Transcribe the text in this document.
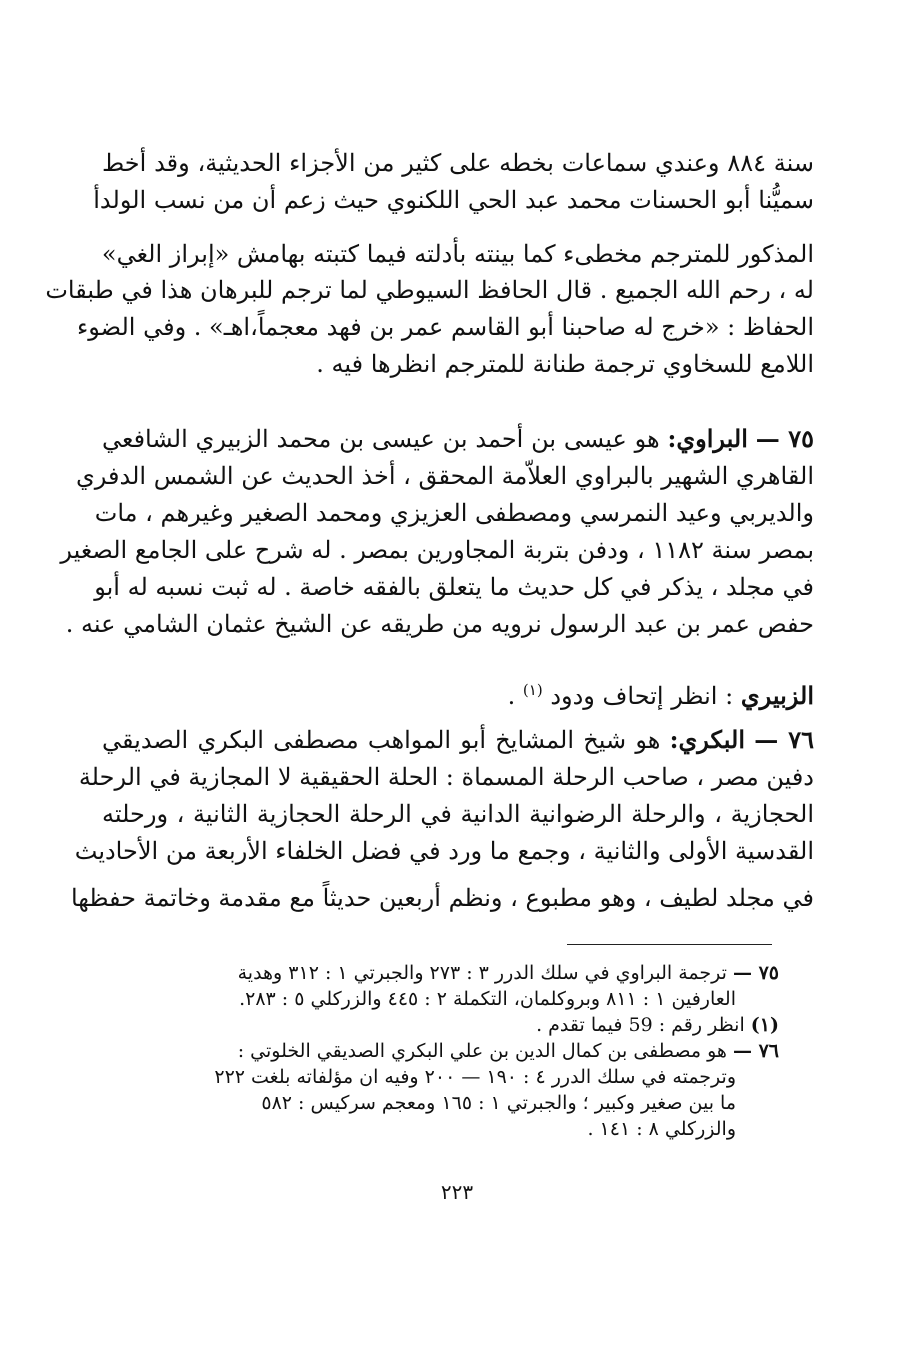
سنة ٨٨٤ وعندي سماعات بخطه على كثير من الأجزاء الحديثية، وقد أخط
سميُّنا أبو الحسنات محمد عبد الحي اللكنوي حيث زعم أن من نسب الولدأ
المذكور للمترجم مخطىء كما بينته بأدلته فيما كتبته بهامش «إبراز الغي»
له ، رحم الله الجميع . قال الحافظ السيوطي لما ترجم للبرهان هذا في طبقات
الحفاظ : «خرج له صاحبنا أبو القاسم عمر بن فهد معجماً،اهـ» . وفي الضوء
اللامع للسخاوي ترجمة طنانة للمترجم انظرها فيه .
٧٥ — البراوي: هو عيسى بن أحمد بن عيسى بن محمد الزبيري الشافعي
القاهري الشهير بالبراوي العلاّمة المحقق ، أخذ الحديث عن الشمس الدفري
والديربي وعيد النمرسي ومصطفى العزيزي ومحمد الصغير وغيرهم ، مات
بمصر سنة ١١٨٢ ، ودفن بتربة المجاورين بمصر . له شرح على الجامع الصغير
في مجلد ، يذكر في كل حديث ما يتعلق بالفقه خاصة . له ثبت نسبه له أبو
حفص عمر بن عبد الرسول نرويه من طريقه عن الشيخ عثمان الشامي عنه .
الزبيري : انظر إتحاف ودود $^{(١)}$ .
٧٦ — البكري: هو شيخ المشايخ أبو المواهب مصطفى البكري الصديقي
دفين مصر ، صاحب الرحلة المسماة : الحلة الحقيقية لا المجازية في الرحلة
الحجازية ، والرحلة الرضوانية الدانية في الرحلة الحجازية الثانية ، ورحلته
القدسية الأولى والثانية ، وجمع ما ورد في فضل الخلفاء الأربعة من الأحاديث
في مجلد لطيف ، وهو مطبوع ، ونظم أربعين حديثاً مع مقدمة وخاتمة حفظها
٧٥ — ترجمة البراوي في سلك الدرر ٣ : ٢٧٣ والجبرتي ١ : ٣١٢ وهدية
العارفين ١ : ٨١١ وبروكلمان، التكملة ٢ : ٤٤٥ والزركلي ٥ : ٢٨٣.
(١) انظر رقم : 59 فيما تقدم .
٧٦ — هو مصطفى بن كمال الدين بن علي البكري الصديقي الخلوتي :
وترجمته في سلك الدرر ٤ : ١٩٠ — ٢٠٠ وفيه ان مؤلفاته بلغت ٢٢٢
ما بين صغير وكبير ؛ والجبرتي ١ : ١٦٥ ومعجم سركيس : ٥٨٢
والزركلي ٨ : ١٤١ .
٢٢٣
